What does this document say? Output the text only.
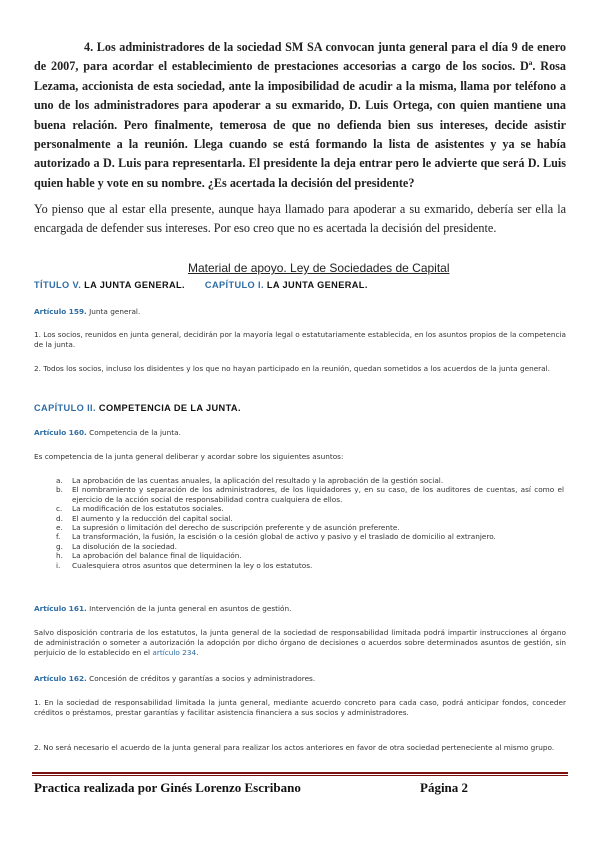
4. Los administradores de la sociedad SM SA convocan junta general para el día 9 de enero de 2007, para acordar el establecimiento de prestaciones accesorias a cargo de los socios. Dª. Rosa Lezama, accionista de esta sociedad, ante la imposibilidad de acudir a la misma, llama por teléfono a uno de los administradores para apoderar a su exmarido, D. Luis Ortega, con quien mantiene una buena relación. Pero finalmente, temerosa de que no defienda bien sus intereses, decide asistir personalmente a la reunión. Llega cuando se está formando la lista de asistentes y ya se había autorizado a D. Luis para representarla. El presidente la deja entrar pero le advierte que será D. Luis quien hable y vote en su nombre. ¿Es acertada la decisión del presidente?

Yo pienso que al estar ella presente, aunque haya llamado para apoderar a su exmarido, debería ser ella la encargada de defender sus intereses. Por eso creo que no es acertada la decisión del presidente.

Material de apoyo. Ley de Sociedades de Capital
TÍTULO V. LA JUNTA GENERAL. CAPÍTULO I. LA JUNTA GENERAL.

Artículo 159. Junta general.

1. Los socios, reunidos en junta general, decidirán por la mayoría legal o estatutariamente establecida, en los asuntos propios de la competencia de la junta.

2. Todos los socios, incluso los disidentes y los que no hayan participado en la reunión, quedan sometidos a los acuerdos de la junta general.

CAPÍTULO II. COMPETENCIA DE LA JUNTA.

Artículo 160. Competencia de la junta.

Es competencia de la junta general deliberar y acordar sobre los siguientes asuntos:

a. La aprobación de las cuentas anuales, la aplicación del resultado y la aprobación de la gestión social.
b. El nombramiento y separación de los administradores, de los liquidadores y, en su caso, de los auditores de cuentas, así como el ejercicio de la acción social de responsabilidad contra cualquiera de ellos.
c. La modificación de los estatutos sociales.
d. El aumento y la reducción del capital social.
e. La supresión o limitación del derecho de suscripción preferente y de asunción preferente.
f. La transformación, la fusión, la escisión o la cesión global de activo y pasivo y el traslado de domicilio al extranjero.
g. La disolución de la sociedad.
h. La aprobación del balance final de liquidación.
i. Cualesquiera otros asuntos que determinen la ley o los estatutos.

Artículo 161. Intervención de la junta general en asuntos de gestión.

Salvo disposición contraria de los estatutos, la junta general de la sociedad de responsabilidad limitada podrá impartir instrucciones al órgano de administración o someter a autorización la adopción por dicho órgano de decisiones o acuerdos sobre determinados asuntos de gestión, sin perjuicio de lo establecido en el artículo 234.

Artículo 162. Concesión de créditos y garantías a socios y administradores.

1. En la sociedad de responsabilidad limitada la junta general, mediante acuerdo concreto para cada caso, podrá anticipar fondos, conceder créditos o préstamos, prestar garantías y facilitar asistencia financiera a sus socios y administradores.

2. No será necesario el acuerdo de la junta general para realizar los actos anteriores en favor de otra sociedad perteneciente al mismo grupo.

Practica realizada por Ginés Lorenzo Escribano	Página 2
